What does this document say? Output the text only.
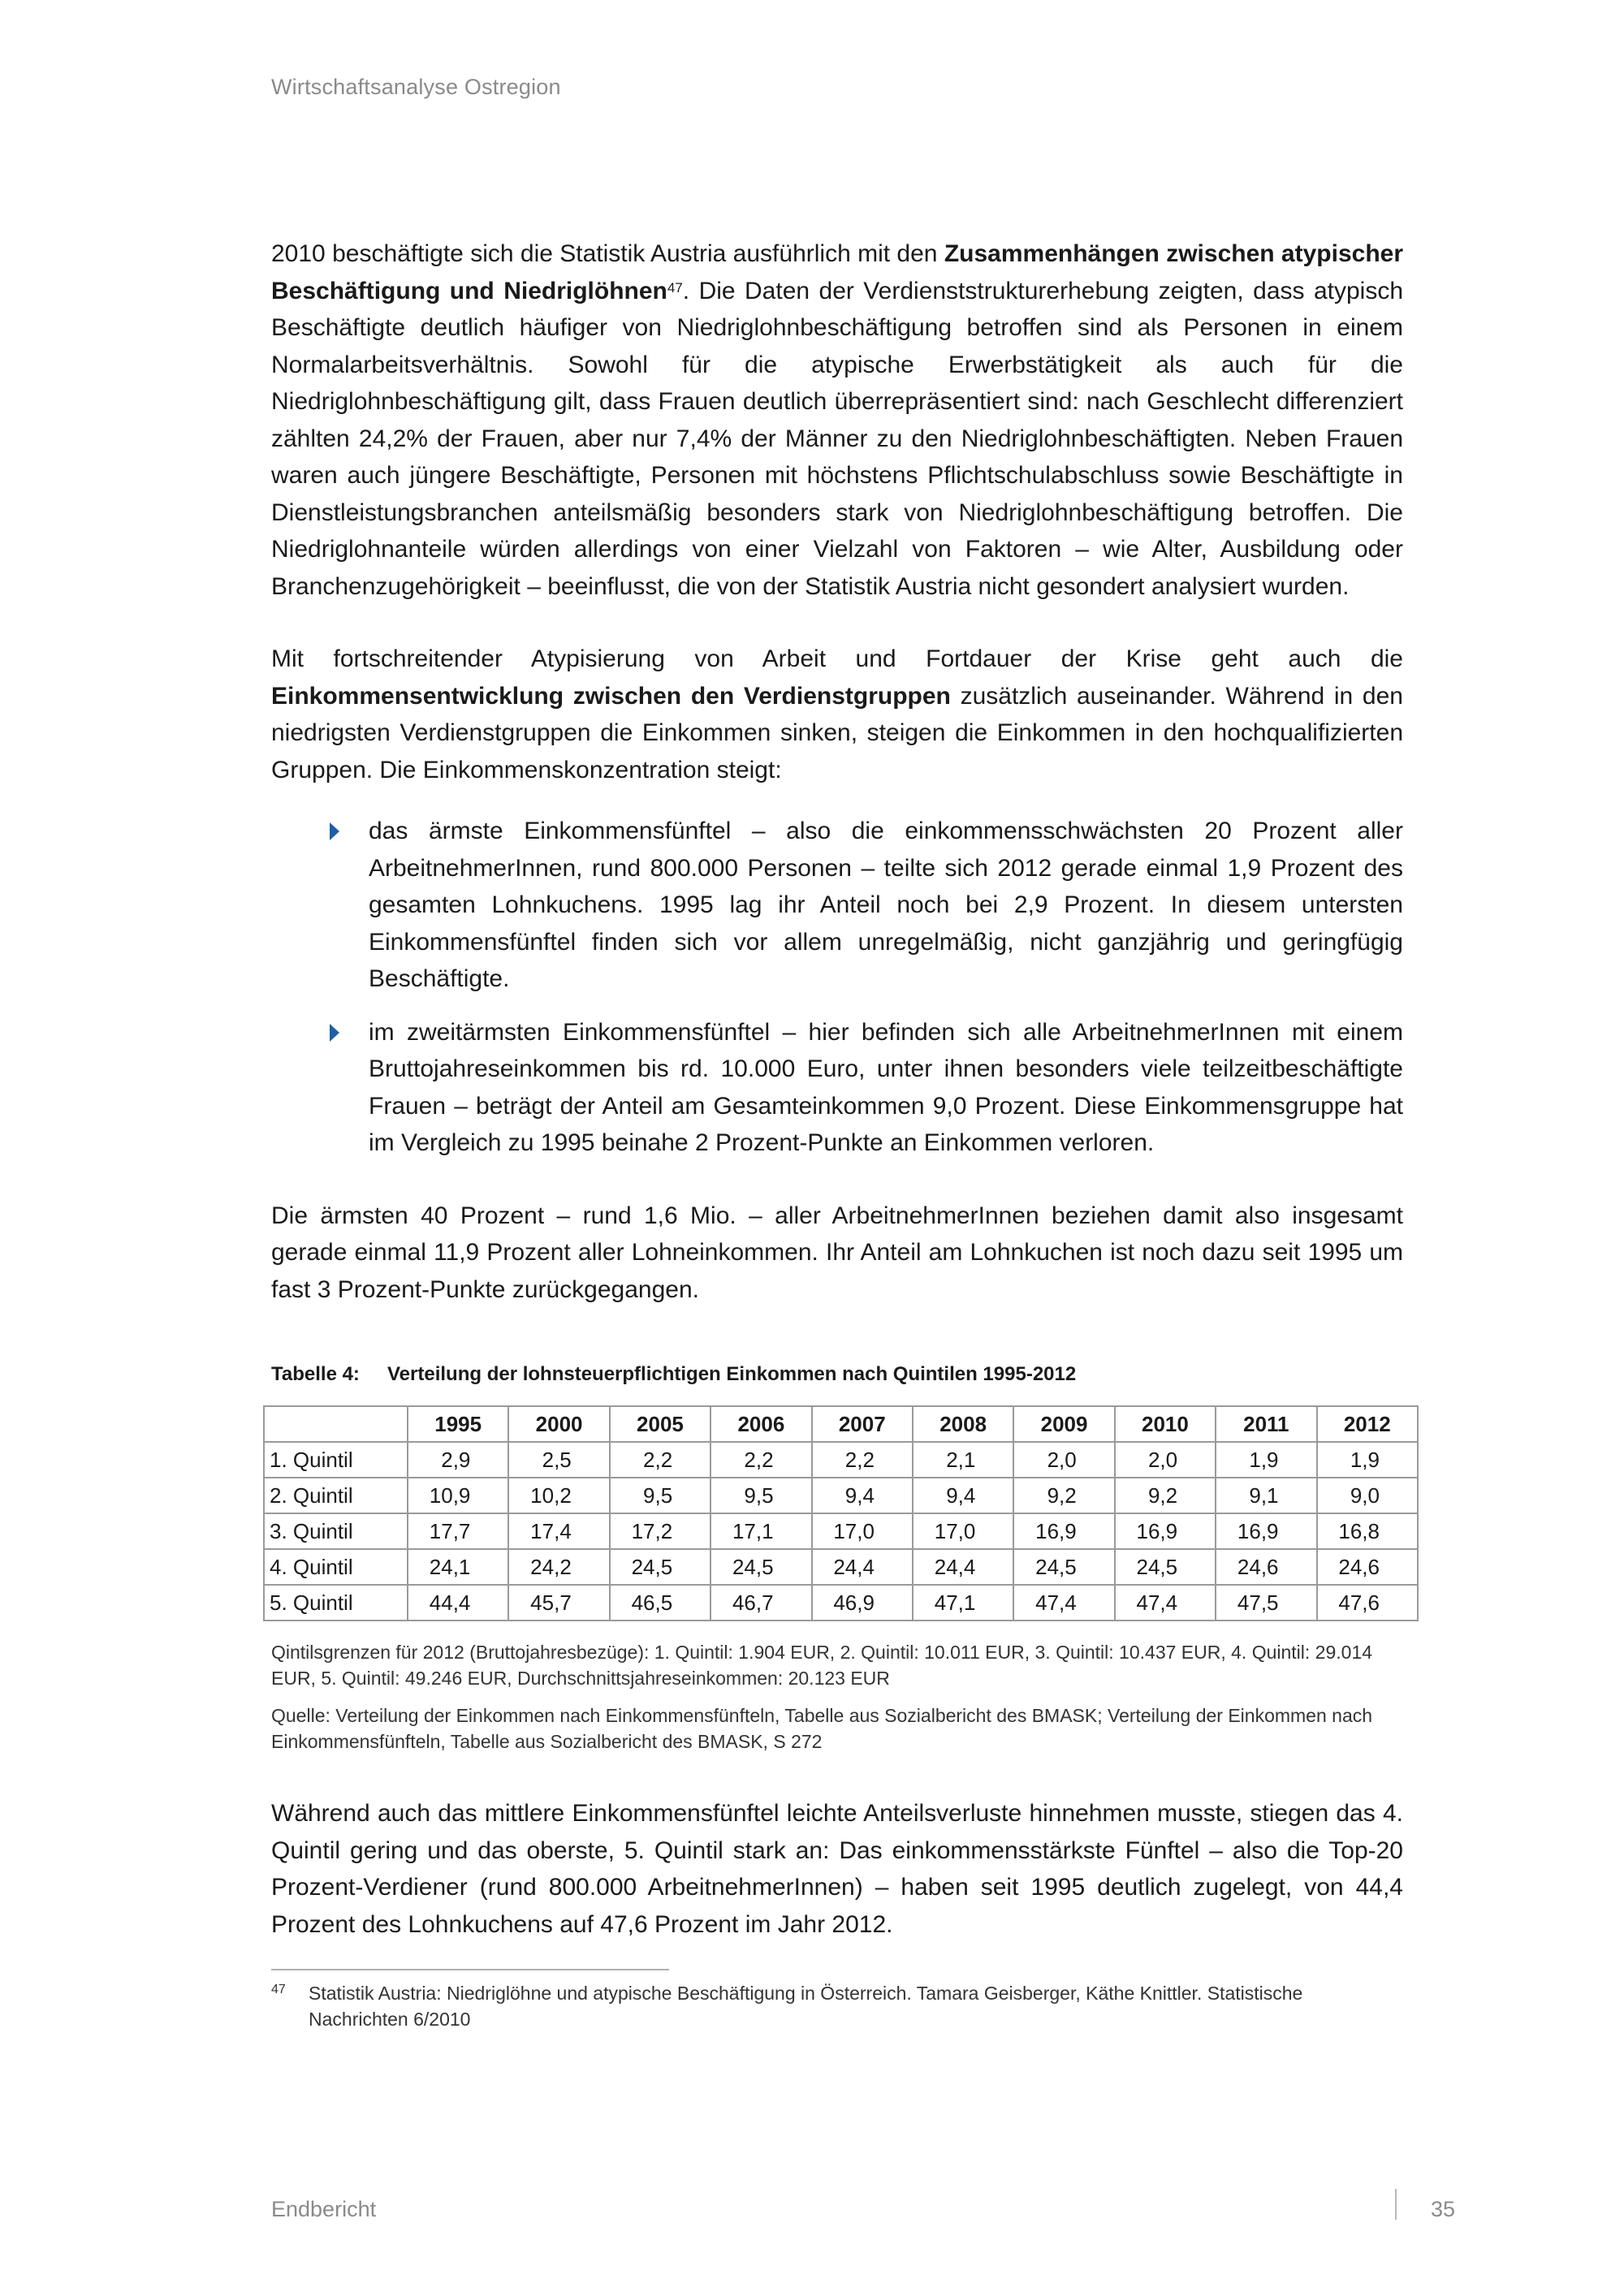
Wirtschaftsanalyse Ostregion

2010 beschäftigte sich die Statistik Austria ausführlich mit den Zusammenhängen zwischen atypischer Beschäftigung und Niedriglöhnen$^{47}$. Die Daten der Verdienststrukturerhebung zeigten, dass atypisch Beschäftigte deutlich häufiger von Niedriglohnbeschäftigung betroffen sind als Personen in einem Normalarbeitsverhältnis. Sowohl für die atypische Erwerbstätigkeit als auch für die Niedriglohnbeschäftigung gilt, dass Frauen deutlich überrepräsentiert sind: nach Geschlecht differenziert zählten 24,2% der Frauen, aber nur 7,4% der Männer zu den Niedriglohnbeschäftigten. Neben Frauen waren auch jüngere Beschäftigte, Personen mit höchstens Pflichtschulabschluss sowie Beschäftigte in Dienstleistungsbranchen anteilsmäßig besonders stark von Niedriglohnbeschäftigung betroffen. Die Niedriglohnanteile würden allerdings von einer Vielzahl von Faktoren – wie Alter, Ausbildung oder Branchenzugehörigkeit – beeinflusst, die von der Statistik Austria nicht gesondert analysiert wurden.

Mit fortschreitender Atypisierung von Arbeit und Fortdauer der Krise geht auch die Einkommensentwicklung zwischen den Verdienstgruppen zusätzlich auseinander. Während in den niedrigsten Verdienstgruppen die Einkommen sinken, steigen die Einkommen in den hochqualifizierten Gruppen. Die Einkommenskonzentration steigt:

das ärmste Einkommensfünftel – also die einkommensschwächsten 20 Prozent aller ArbeitnehmerInnen, rund 800.000 Personen – teilte sich 2012 gerade einmal 1,9 Prozent des gesamten Lohnkuchens. 1995 lag ihr Anteil noch bei 2,9 Prozent. In diesem untersten Einkommensfünftel finden sich vor allem unregelmäßig, nicht ganzjährig und geringfügig Beschäftigte.
im zweitärmsten Einkommensfünftel – hier befinden sich alle ArbeitnehmerInnen mit einem Bruttojahreseinkommen bis rd. 10.000 Euro, unter ihnen besonders viele teilzeitbeschäftigte Frauen – beträgt der Anteil am Gesamteinkommen 9,0 Prozent. Diese Einkommensgruppe hat im Vergleich zu 1995 beinahe 2 Prozent-Punkte an Einkommen verloren.

Die ärmsten 40 Prozent – rund 1,6 Mio. – aller ArbeitnehmerInnen beziehen damit also insgesamt gerade einmal 11,9 Prozent aller Lohneinkommen. Ihr Anteil am Lohnkuchen ist noch dazu seit 1995 um fast 3 Prozent-Punkte zurückgegangen.

Tabelle 4:	Verteilung der lohnsteuerpflichtigen Einkommen nach Quintilen 1995-2012
	1995	2000	2005	2006	2007	2008	2009	2010	2011	2012
1. Quintil	2,9	2,5	2,2	2,2	2,2	2,1	2,0	2,0	1,9	1,9
2. Quintil	10,9	10,2	9,5	9,5	9,4	9,4	9,2	9,2	9,1	9,0
3. Quintil	17,7	17,4	17,2	17,1	17,0	17,0	16,9	16,9	16,9	16,8
4. Quintil	24,1	24,2	24,5	24,5	24,4	24,4	24,5	24,5	24,6	24,6
5. Quintil	44,4	45,7	46,5	46,7	46,9	47,1	47,4	47,4	47,5	47,6

Qintilsgrenzen für 2012 (Bruttojahresbezüge): 1. Quintil: 1.904 EUR, 2. Quintil: 10.011 EUR, 3. Quintil: 10.437 EUR, 4. Quintil: 29.014 EUR, 5. Quintil: 49.246 EUR, Durchschnittsjahreseinkommen: 20.123 EUR

Quelle: Verteilung der Einkommen nach Einkommensfünfteln, Tabelle aus Sozialbericht des BMASK; Verteilung der Einkommen nach Einkommensfünfteln, Tabelle aus Sozialbericht des BMASK, S 272

Während auch das mittlere Einkommensfünftel leichte Anteilsverluste hinnehmen musste, stiegen das 4. Quintil gering und das oberste, 5. Quintil stark an: Das einkommensstärkste Fünftel – also die Top-20 Prozent-Verdiener (rund 800.000 ArbeitnehmerInnen) – haben seit 1995 deutlich zugelegt, von 44,4 Prozent des Lohnkuchens auf 47,6 Prozent im Jahr 2012.

47	Statistik Austria: Niedriglöhne und atypische Beschäftigung in Österreich. Tamara Geisberger, Käthe Knittler. Statistische Nachrichten 6/2010
Endbericht	35
